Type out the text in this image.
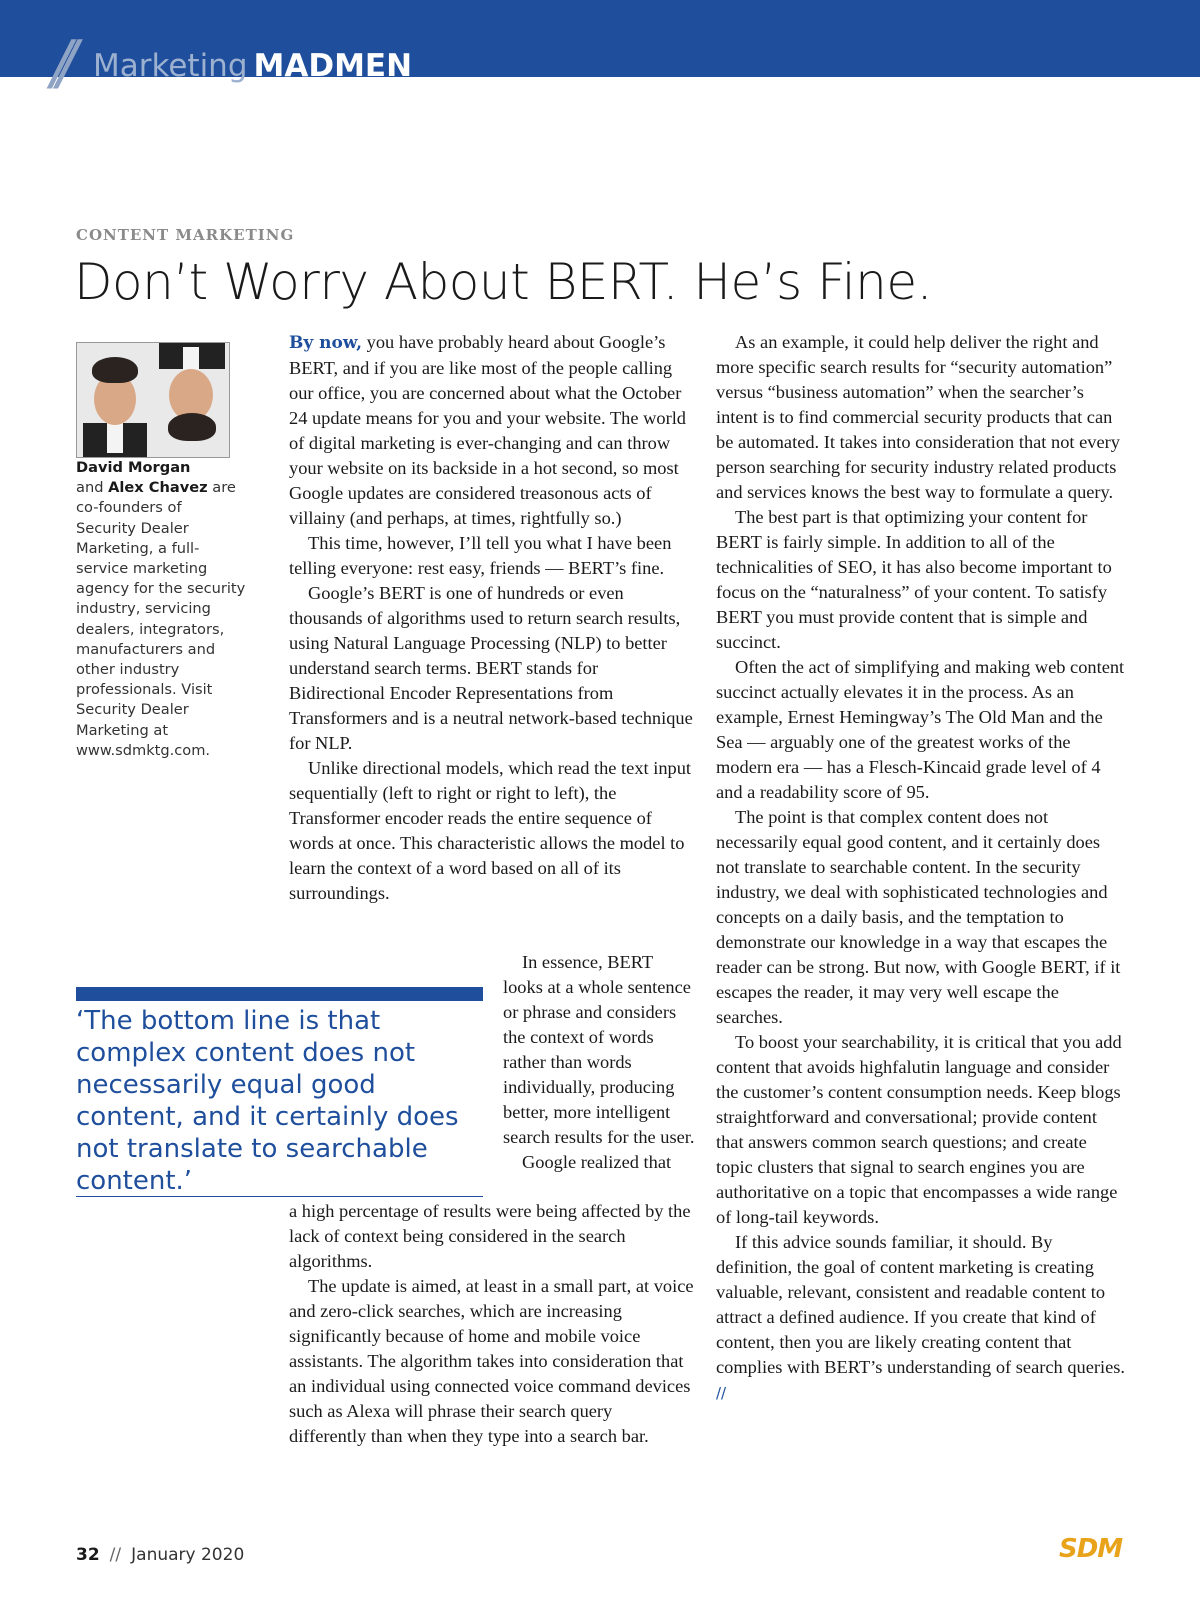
// Marketing MADMEN
CONTENT MARKETING
Don’t Worry About BERT. He’s Fine.
David Morgan
and Alex Chavez are co-founders of Security Dealer Marketing, a full-service marketing agency for the security industry, servicing dealers, integrators, manufacturers and other industry professionals. Visit Security Dealer Marketing at www.sdmktg.com.

By now, you have probably heard about Google’s BERT, and if you are like most of the people calling our office, you are concerned about what the October 24 update means for you and your website. The world of digital marketing is ever-changing and can throw your website on its backside in a hot second, so most Google updates are considered treasonous acts of villainy (and perhaps, at times, rightfully so.)

This time, however, I’ll tell you what I have been telling everyone: rest easy, friends — BERT’s fine.

Google’s BERT is one of hundreds or even thousands of algorithms used to return search results, using Natural Language Processing (NLP) to better understand search terms. BERT stands for Bidirectional Encoder Representations from Transformers and is a neutral network-based technique for NLP.

Unlike directional models, which read the text input sequentially (left to right or right to left), the Transformer encoder reads the entire sequence of words at once. This characteristic allows the model to learn the context of a word based on all of its surroundings.

In essence, BERT looks at a whole sentence or phrase and considers the context of words rather than words individually, producing better, more intelligent search results for the user.

Google realized that

a high percentage of results were being affected by the lack of context being considered in the search algorithms.

The update is aimed, at least in a small part, at voice and zero-click searches, which are increasing significantly because of home and mobile voice assistants. The algorithm takes into consideration that an individual using connected voice command devices such as Alexa will phrase their search query differently than when they type into a search bar.

As an example, it could help deliver the right and more specific search results for “security automation” versus “business automation” when the searcher’s intent is to find commercial security products that can be automated. It takes into consideration that not every person searching for security industry related products and services knows the best way to formulate a query.

The best part is that optimizing your content for BERT is fairly simple. In addition to all of the technicalities of SEO, it has also become important to focus on the “naturalness” of your content. To satisfy BERT you must provide content that is simple and succinct.

Often the act of simplifying and making web content succinct actually elevates it in the process. As an example, Ernest Hemingway’s The Old Man and the Sea — arguably one of the greatest works of the modern era — has a Flesch-Kincaid grade level of 4 and a readability score of 95.

The point is that complex content does not necessarily equal good content, and it certainly does not translate to searchable content. In the security industry, we deal with sophisticated technologies and concepts on a daily basis, and the temptation to demonstrate our knowledge in a way that escapes the reader can be strong. But now, with Google BERT, if it escapes the reader, it may very well escape the searches.

To boost your searchability, it is critical that you add content that avoids highfalutin language and consider the customer’s content consumption needs. Keep blogs straightforward and conversational; provide content that answers common search questions; and create topic clusters that signal to search engines you are authoritative on a topic that encompasses a wide range of long-tail keywords.

If this advice sounds familiar, it should. By definition, the goal of content marketing is creating valuable, relevant, consistent and readable content to attract a defined audience. If you create that kind of content, then you are likely creating content that complies with BERT’s understanding of search queries. //

‘The bottom line is that complex content does not necessarily equal good content, and it certainly does not translate to searchable content.’
32 // January 2020	SDM
